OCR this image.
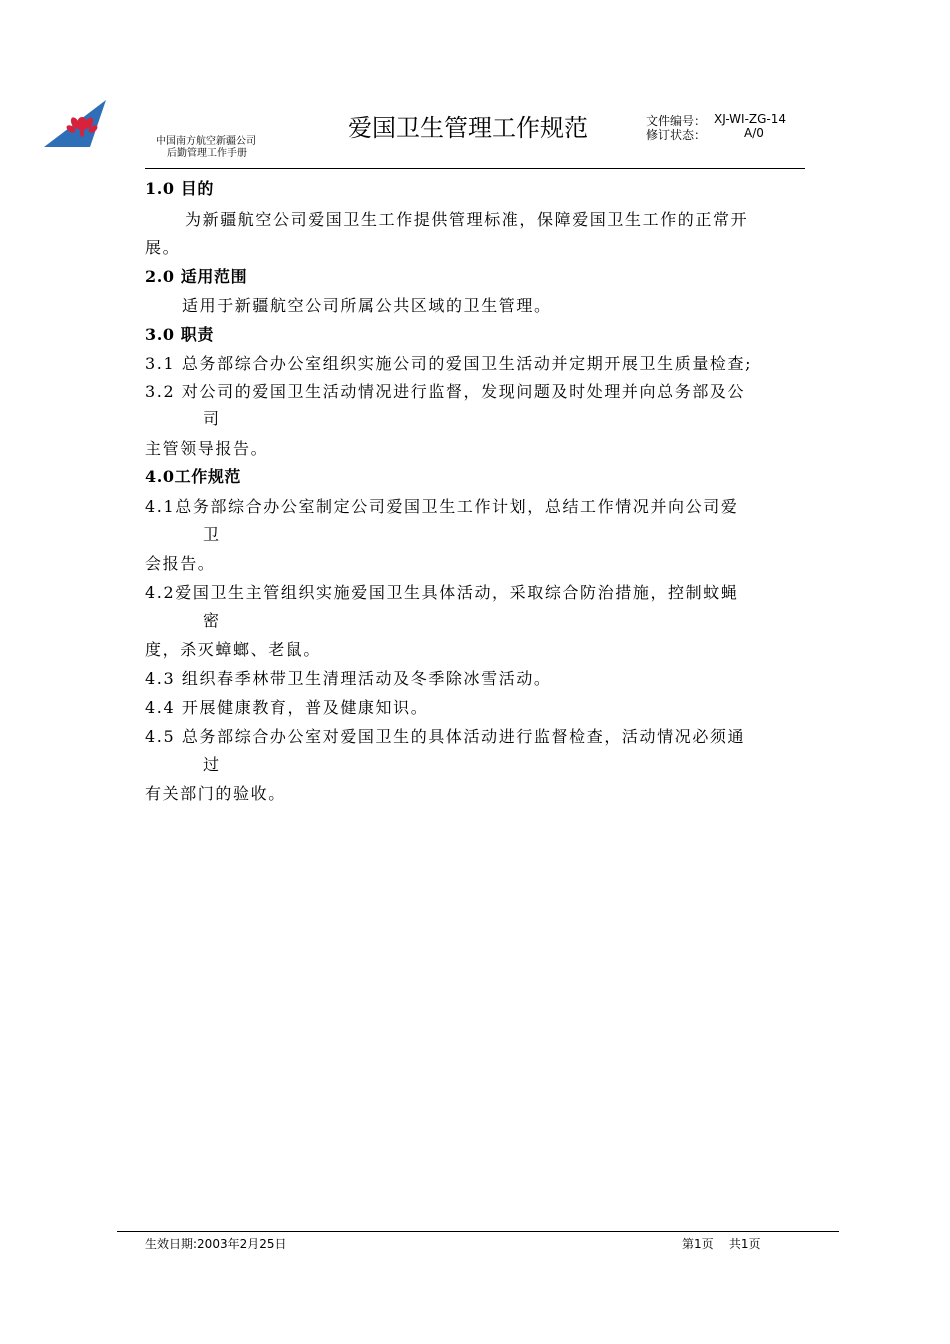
中国南方航空新疆公司
后勤管理工作手册
爱国卫生管理工作规范	文件编号： XJ-WI-ZG-14
修订状态：	A/0
1.0 目的
为新疆航空公司爱国卫生工作提供管理标准，保障爱国卫生工作的正常开
展。
2.0 适用范围
适用于新疆航空公司所属公共区域的卫生管理。
3.0 职责
3.1 总务部综合办公室组织实施公司的爱国卫生活动并定期开展卫生质量检查;
3.2 对公司的爱国卫生活动情况进行监督，发现问题及时处理并向总务部及公
司
主管领导报告。
4.0工作规范
4.1总务部综合办公室制定公司爱国卫生工作计划，总结工作情况并向公司爱
卫
会报告。
4.2爱国卫生主管组织实施爱国卫生具体活动，采取综合防治措施，控制蚊蝇
密
度，杀灭蟑螂、老鼠。
4.3 组织春季林带卫生清理活动及冬季除冰雪活动。
4.4 开展健康教育，普及健康知识。
4.5 总务部综合办公室对爱国卫生的具体活动进行监督检查，活动情况必须通
过
有关部门的验收。
生效日期:2003年2月25日	第1页    共1页
